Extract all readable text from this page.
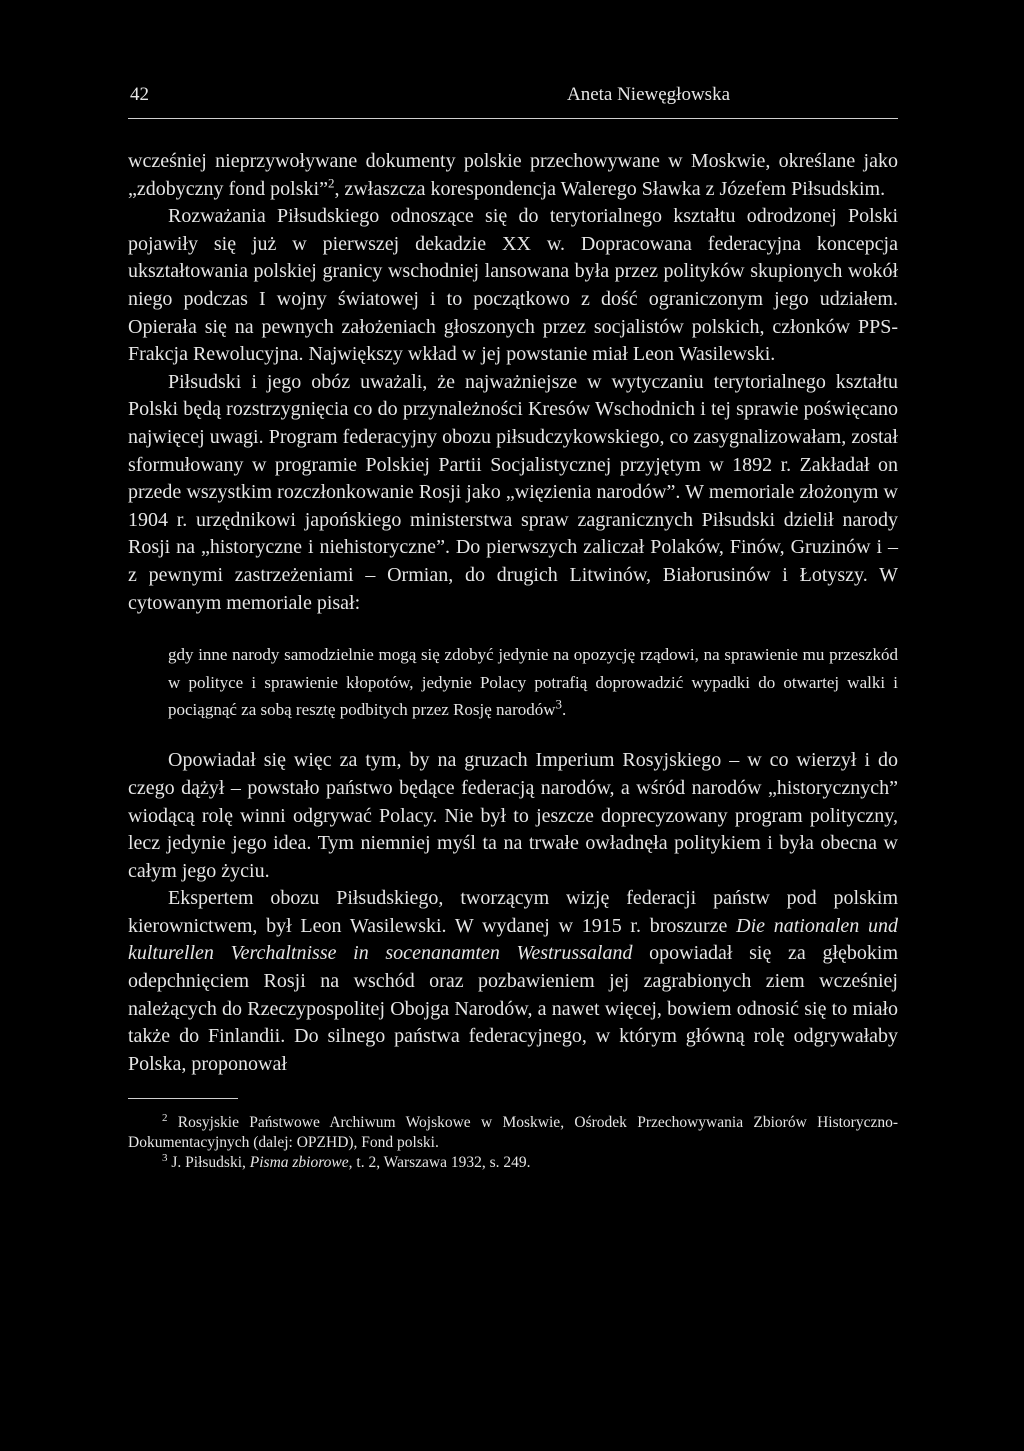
42	Aneta Niewęgłowska

wcześniej nieprzywoływane dokumenty polskie przechowywane w Moskwie, określane jako „zdobyczny fond polski”$^2$, zwłaszcza korespondencja Walerego Sławka z Józefem Piłsudskim.

Rozważania Piłsudskiego odnoszące się do terytorialnego kształtu odrodzonej Polski pojawiły się już w pierwszej dekadzie XX w. Dopracowana federacyjna koncepcja ukształtowania polskiej granicy wschodniej lansowana była przez polityków skupionych wokół niego podczas I wojny światowej i to początkowo z dość ograniczonym jego udziałem. Opierała się na pewnych założeniach głoszonych przez socjalistów polskich, członków PPS-Frakcja Rewolucyjna. Największy wkład w jej powstanie miał Leon Wasilewski.

Piłsudski i jego obóz uważali, że najważniejsze w wytyczaniu terytorialnego kształtu Polski będą rozstrzygnięcia co do przynależności Kresów Wschodnich i tej sprawie poświęcano najwięcej uwagi. Program federacyjny obozu piłsudczykowskiego, co zasygnalizowałam, został sformułowany w programie Polskiej Partii Socjalistycznej przyjętym w 1892 r. Zakładał on przede wszystkim rozczłonkowanie Rosji jako „więzienia narodów”. W memoriale złożonym w 1904 r. urzędnikowi japońskiego ministerstwa spraw zagranicznych Piłsudski dzielił narody Rosji na „historyczne i niehistoryczne”. Do pierwszych zaliczał Polaków, Finów, Gruzinów i – z pewnymi zastrzeżeniami – Ormian, do drugich Litwinów, Białorusinów i Łotyszy. W cytowanym memoriale pisał:

gdy inne narody samodzielnie mogą się zdobyć jedynie na opozycję rządowi, na sprawienie mu przeszkód w polityce i sprawienie kłopotów, jedynie Polacy potrafią doprowadzić wypadki do otwartej walki i pociągnąć za sobą resztę podbitych przez Rosję narodów$^3$.

Opowiadał się więc za tym, by na gruzach Imperium Rosyjskiego – w co wierzył i do czego dążył – powstało państwo będące federacją narodów, a wśród narodów „historycznych” wiodącą rolę winni odgrywać Polacy. Nie był to jeszcze doprecyzowany program polityczny, lecz jedynie jego idea. Tym niemniej myśl ta na trwałe owładnęła politykiem i była obecna w całym jego życiu.

Ekspertem obozu Piłsudskiego, tworzącym wizję federacji państw pod polskim kierownictwem, był Leon Wasilewski. W wydanej w 1915 r. broszurze Die nationalen und kulturellen Verchaltnisse in socenanamten Westrussaland opowiadał się za głębokim odepchnięciem Rosji na wschód oraz pozbawieniem jej zagrabionych ziem wcześniej należących do Rzeczypospolitej Obojga Narodów, a nawet więcej, bowiem odnosić się to miało także do Finlandii. Do silnego państwa federacyjnego, w którym główną rolę odgrywałaby Polska, proponował

$^2$ Rosyjskie Państwowe Archiwum Wojskowe w Moskwie, Ośrodek Przechowywania Zbiorów Historyczno-Dokumentacyjnych (dalej: OPZHD), Fond polski.

$^3$ J. Piłsudski, Pisma zbiorowe, t. 2, Warszawa 1932, s. 249.
